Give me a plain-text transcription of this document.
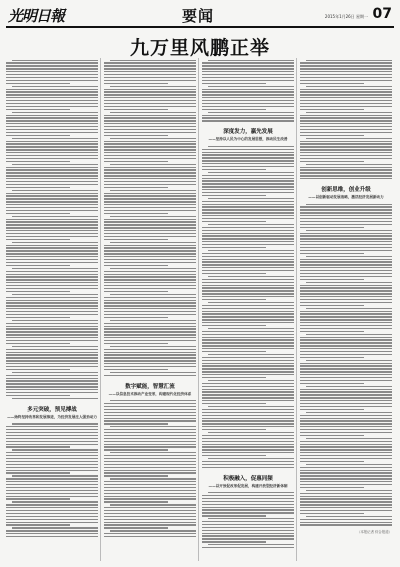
光明日報	要闻	2015年1月26日 星期一 07
九万里风鹏正举
多元突破，预见搏战
——始终坚持改革和发展推进，为经济发展注入强劲动力
数字赋能，智慧汇流
——以信息技术推动产业变革，构建现代化经济体系
深度发力，嬴先发展
——坚持以人民为中心的发展思想，推动民生改善
积极融入，促惠同频
——以开放促改革促发展，构建开放型经济新体制
创新思维，创业升级
——以创新驱动发展战略，激活经济发展新动力
（本报记者 综合报道）
